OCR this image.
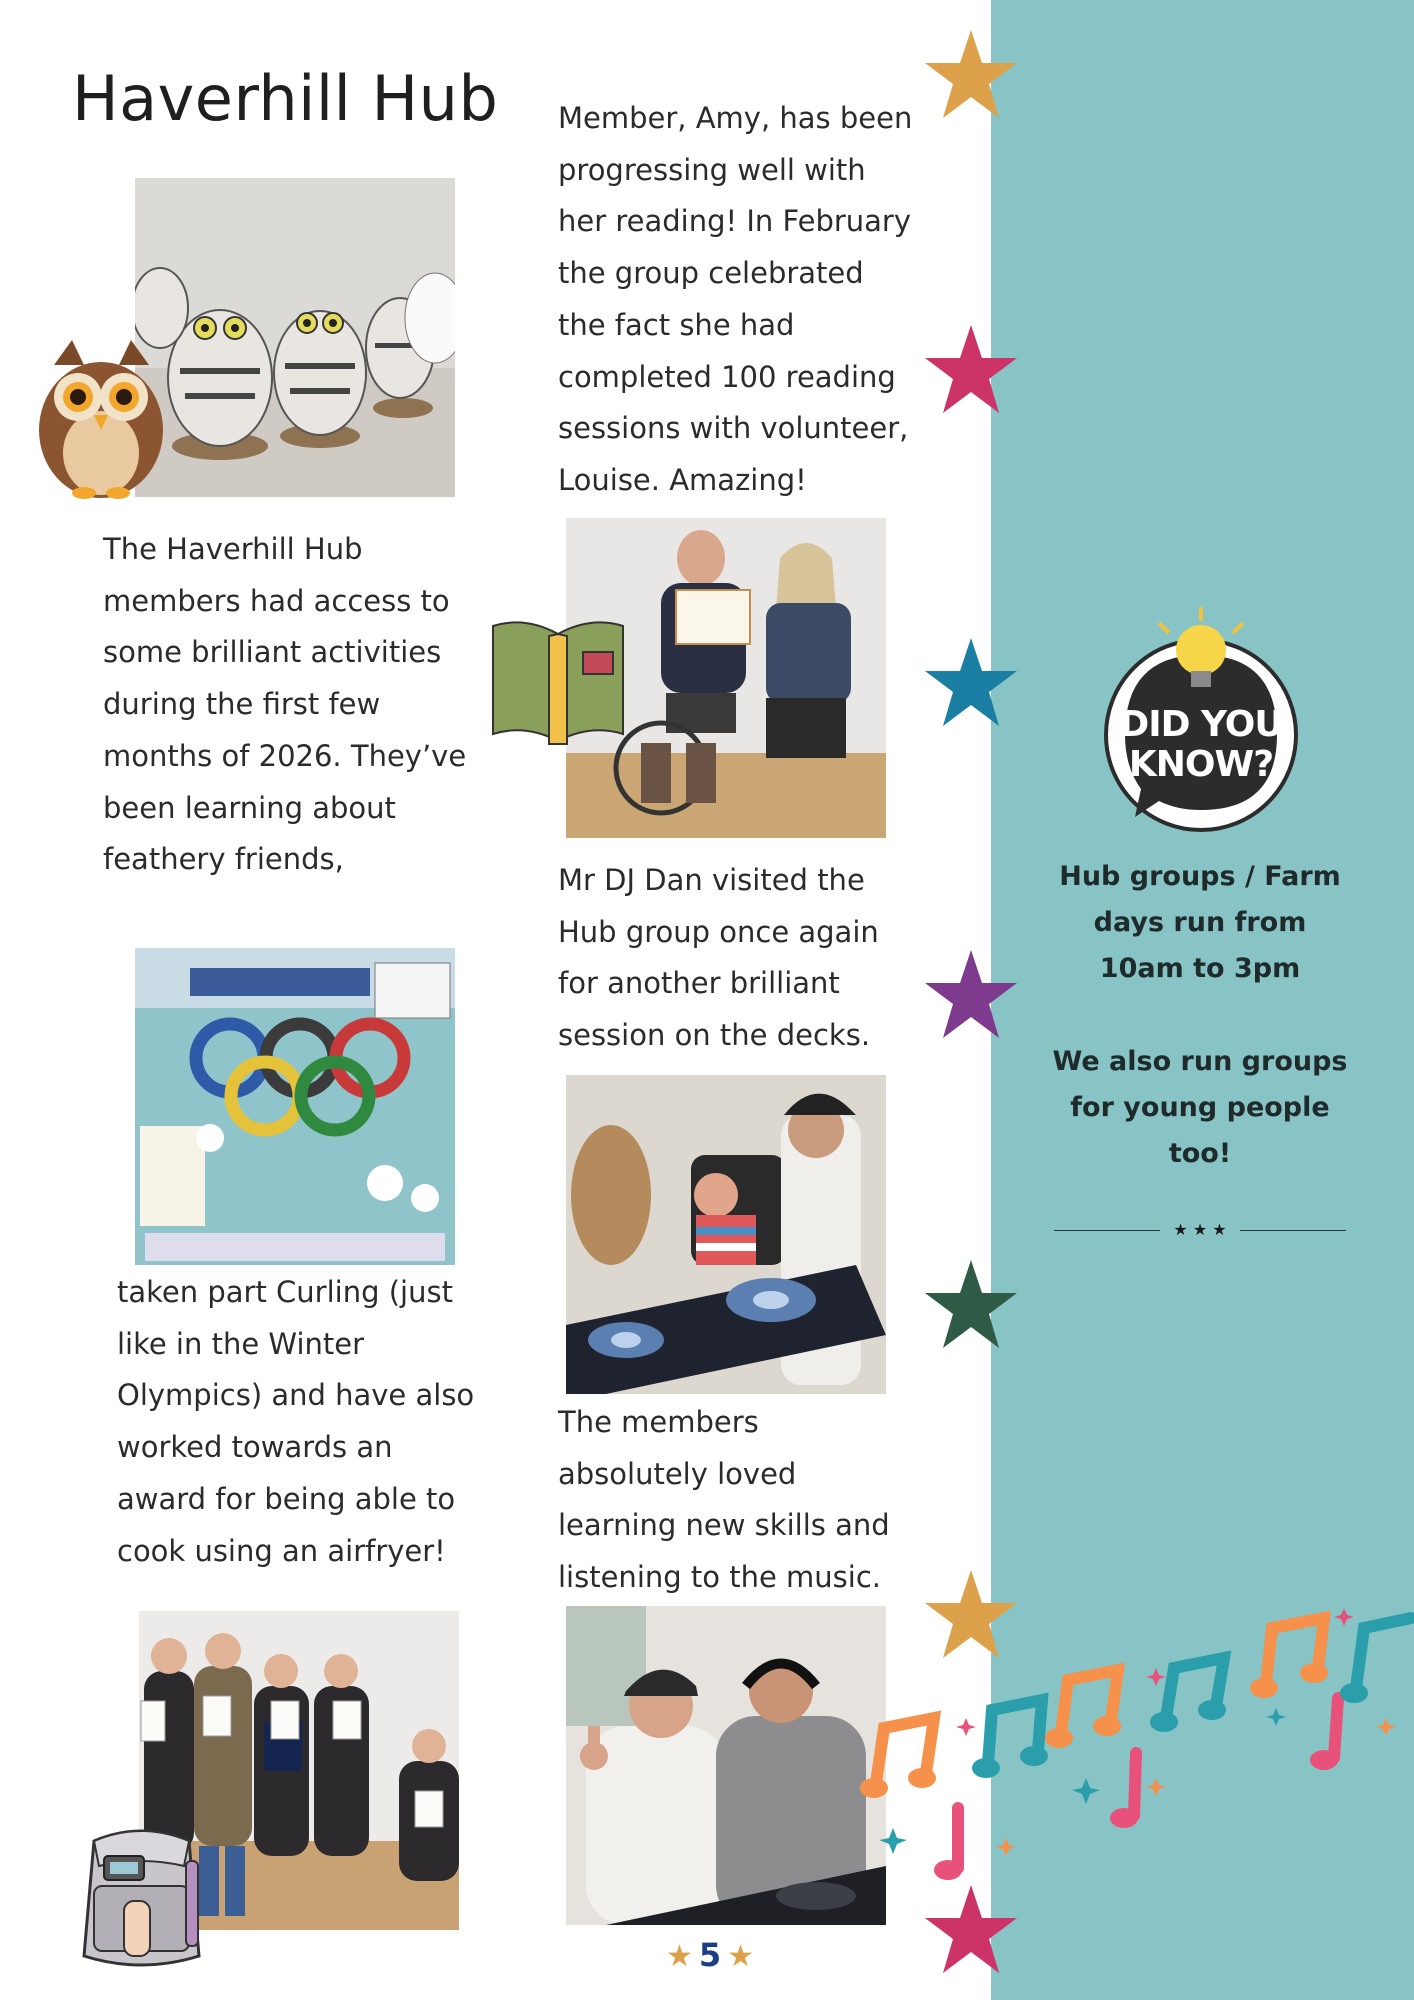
Haverhill Hub Member, Amy, has been
progressing well with
her reading! In February
the group celebrated
the fact she had
completed 100 reading
sessions with volunteer,
Louise. Amazing!

The Haverhill Hub
members had access to
some brilliant activities
during the first few
months of 2026. They’ve
been learning about
feathery friends,

Mr DJ Dan visited the
Hub group once again
for another brilliant
session on the decks.

taken part Curling (just
like in the Winter
Olympics) and have also
worked towards an
award for being able to
cook using an airfryer!

The members
absolutely loved
learning new skills and
listening to the music.

DID YOU
KNOW?

Hub groups / Farm
days run from
10am to 3pm

We also run groups
for young people
too!

★ ★ ★
★ 5 ★
